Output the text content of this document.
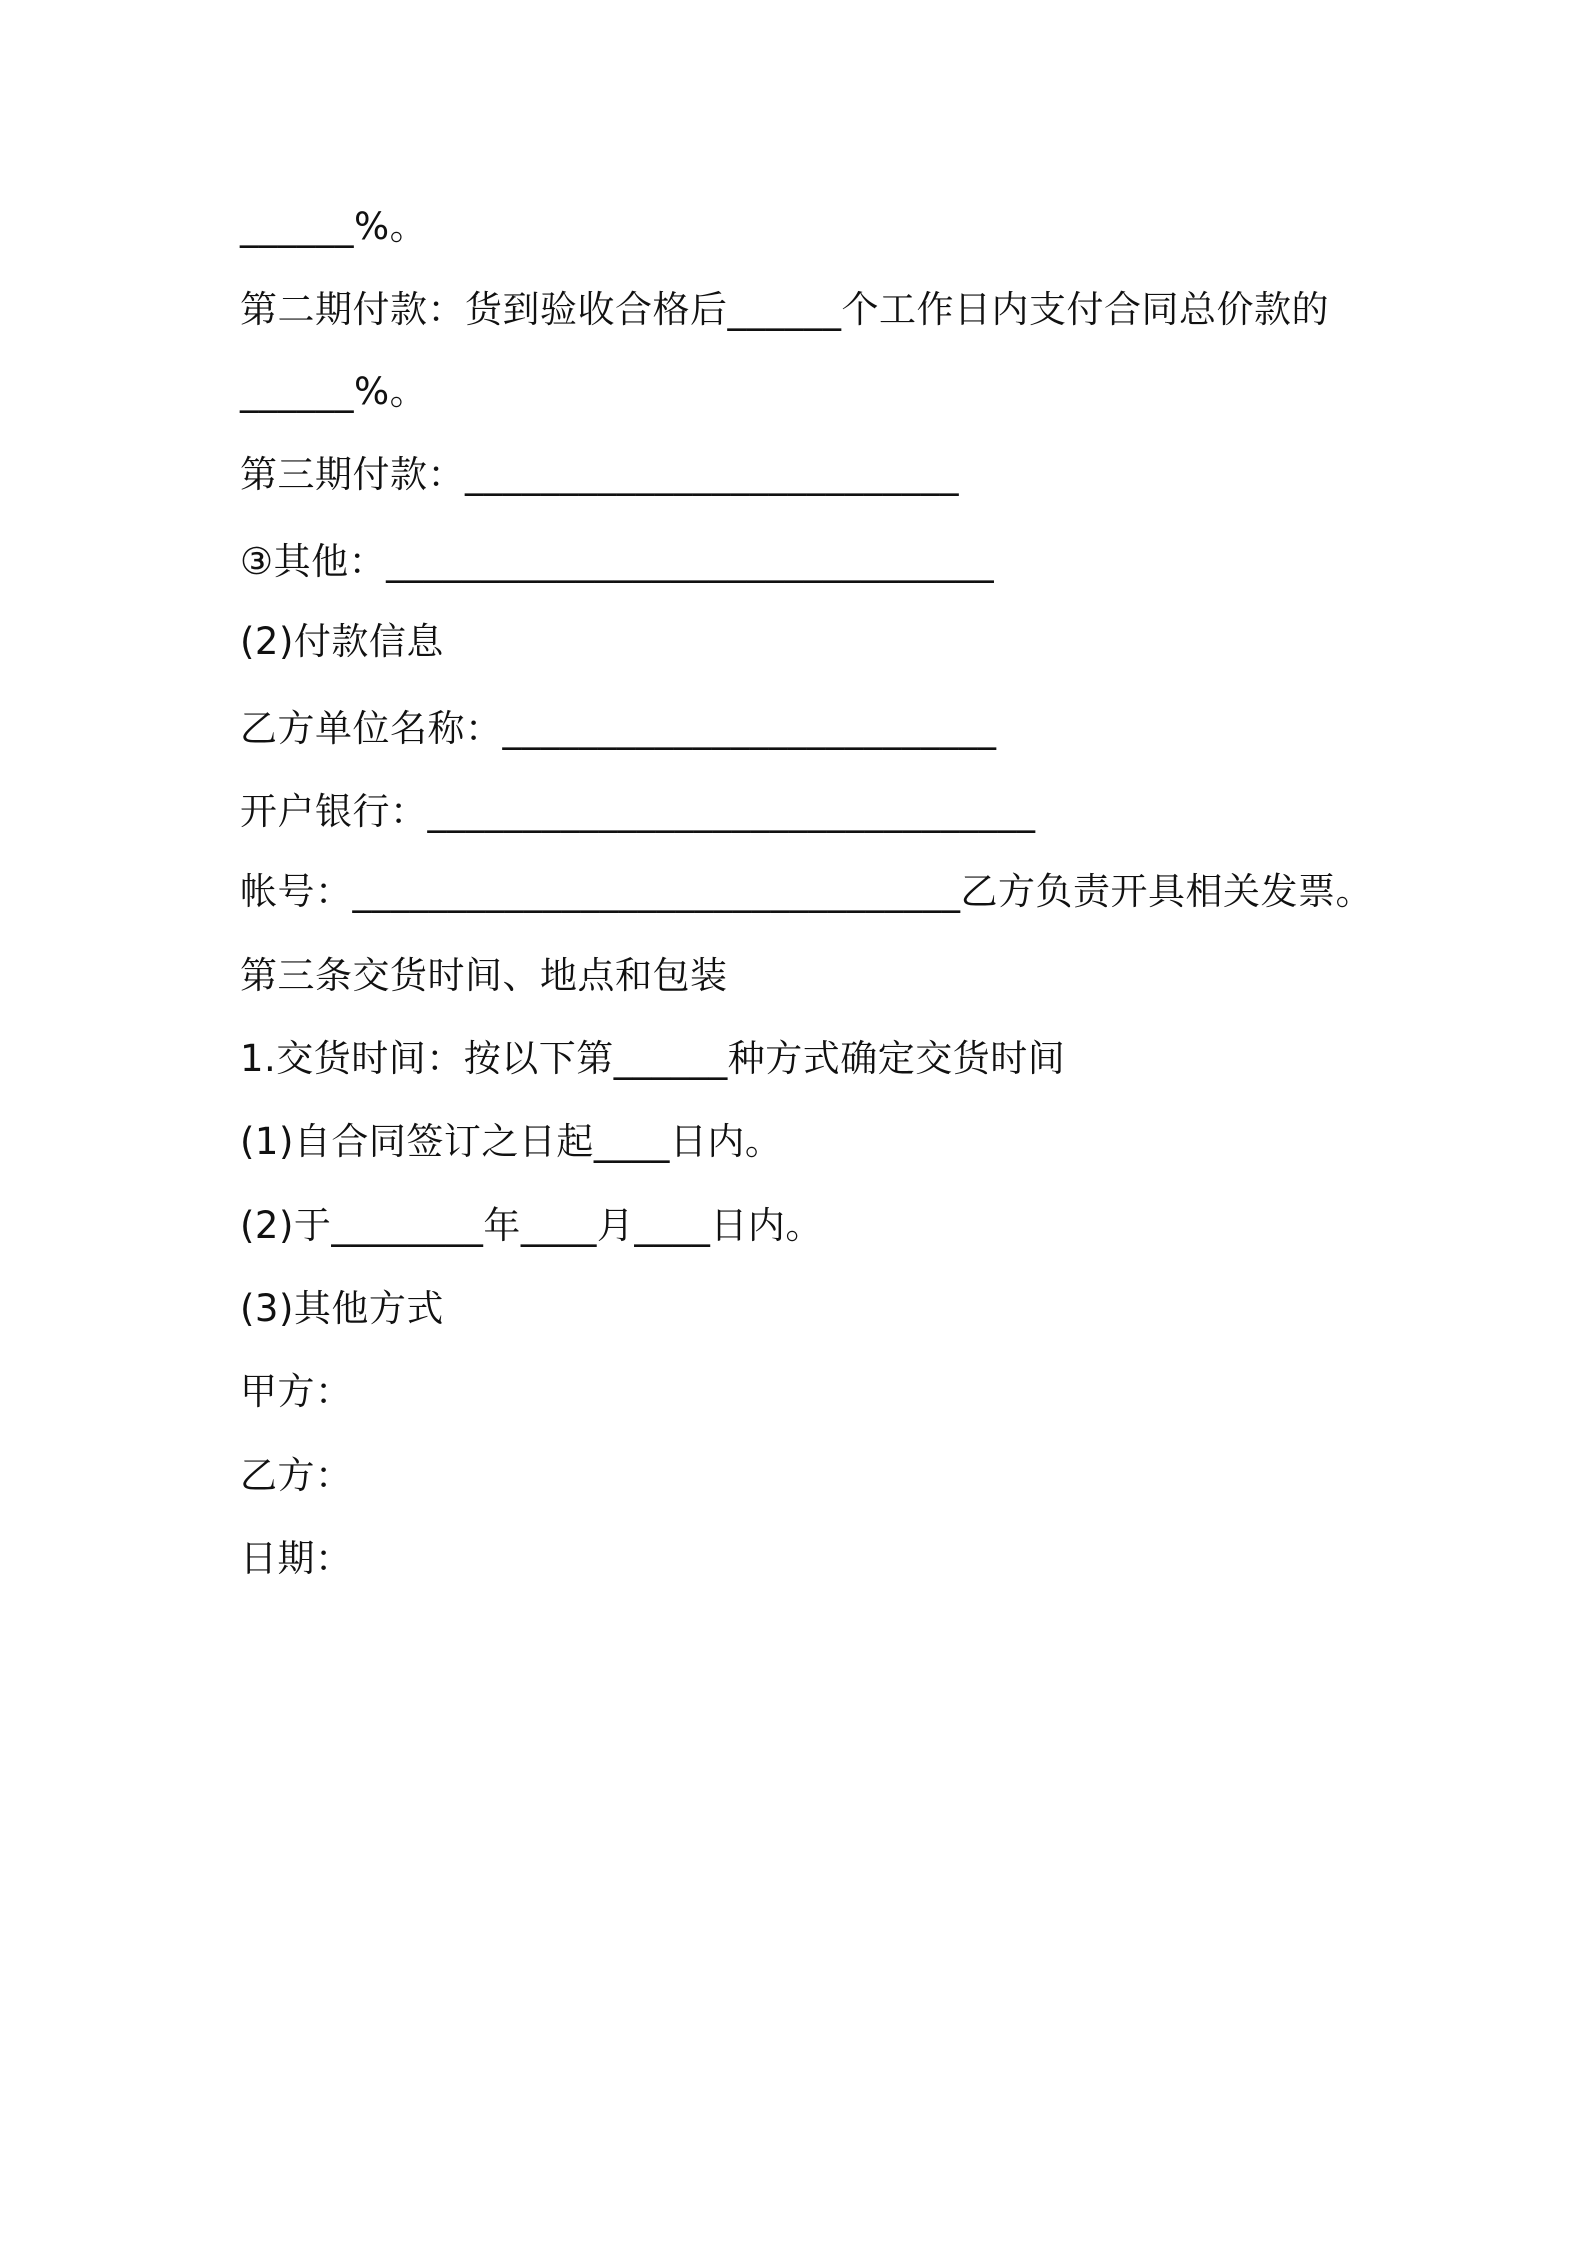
______%。
第二期付款：货到验收合格后______个工作日内支付合同总价款的
______%。
第三期付款：__________________________
③其他：________________________________
(2)付款信息
乙方单位名称：__________________________
开户银行：________________________________
帐号：________________________________乙方负责开具相关发票。
第三条交货时间、地点和包装
1.交货时间：按以下第______种方式确定交货时间
(1)自合同签订之日起____日内。
(2)于________年____月____日内。
(3)其他方式
甲方：
乙方：
日期：
